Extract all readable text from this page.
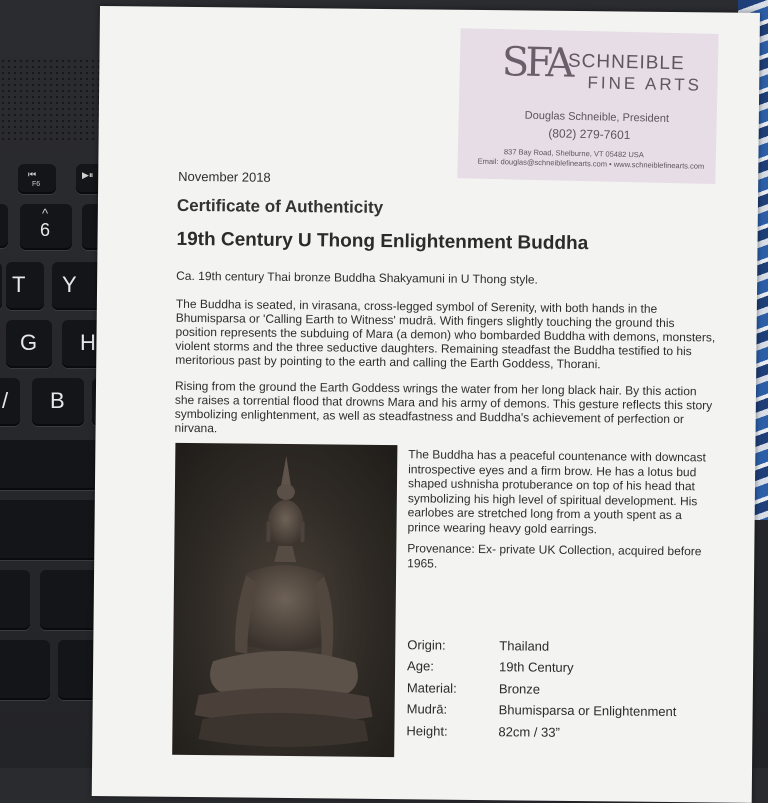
⏮
F6
▶⏸
^
6
T Y
G H
/ B
SFA
SCHNEIBLE
FINE ARTS
Douglas Schneible, President
(802) 279-7601
837 Bay Road, Shelburne, VT 05482 USA
Email: douglas@schneiblefinearts.com • www.schneiblefinearts.com
November 2018
Certificate of Authenticity
19th Century U Thong Enlightenment Buddha
Ca. 19th century Thai bronze Buddha Shakyamuni in U Thong style.
The Buddha is seated, in virasana, cross-legged symbol of Serenity, with both hands in the Bhumisparsa or 'Calling Earth to Witness' mudrā. With fingers slightly touching the ground this position represents the subduing of Mara (a demon) who bombarded Buddha with demons, monsters, violent storms and the three seductive daughters. Remaining steadfast the Buddha testified to his meritorious past by pointing to the earth and calling the Earth Goddess, Thorani.
Rising from the ground the Earth Goddess wrings the water from her long black hair. By this action she raises a torrential flood that drowns Mara and his army of demons. This gesture reflects this story symbolizing enlightenment, as well as steadfastness and Buddha's achievement of perfection or nirvana.
The Buddha has a peaceful countenance with downcast introspective eyes and a firm brow. He has a lotus bud shaped ushnisha protuberance on top of his head that symbolizing his high level of spiritual development. His earlobes are stretched long from a youth spent as a prince wearing heavy gold earrings.
Provenance: Ex- private UK Collection, acquired before 1965.
Origin:	Thailand
Age:	19th Century
Material:	Bronze
Mudrā:	Bhumisparsa or Enlightenment
Height:	82cm / 33”
